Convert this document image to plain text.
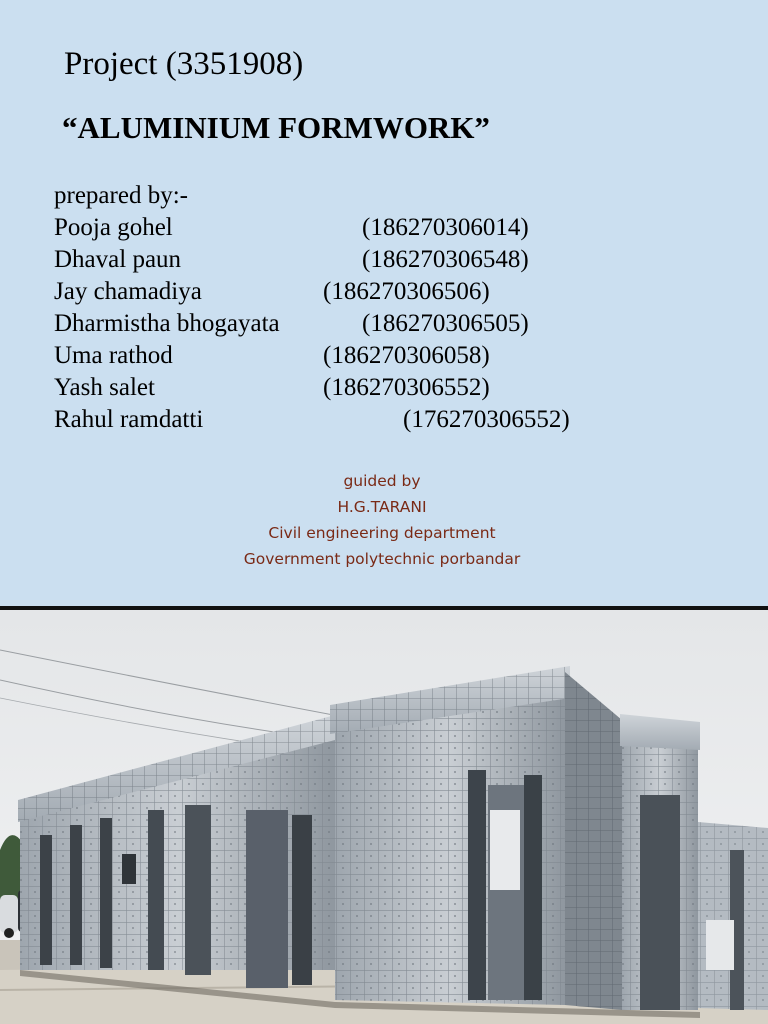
Project (3351908)
“ALUMINIUM FORMWORK”
prepared by:-
Pooja gohel	(186270306014)
Dhaval paun	(186270306548)
Jay chamadiya	(186270306506)
Dharmistha bhogayata	(186270306505)
Uma rathod	(186270306058)
Yash salet	(186270306552)
Rahul ramdatti	(176270306552)
guided by
H.G.TARANI
Civil engineering department
Government polytechnic porbandar
